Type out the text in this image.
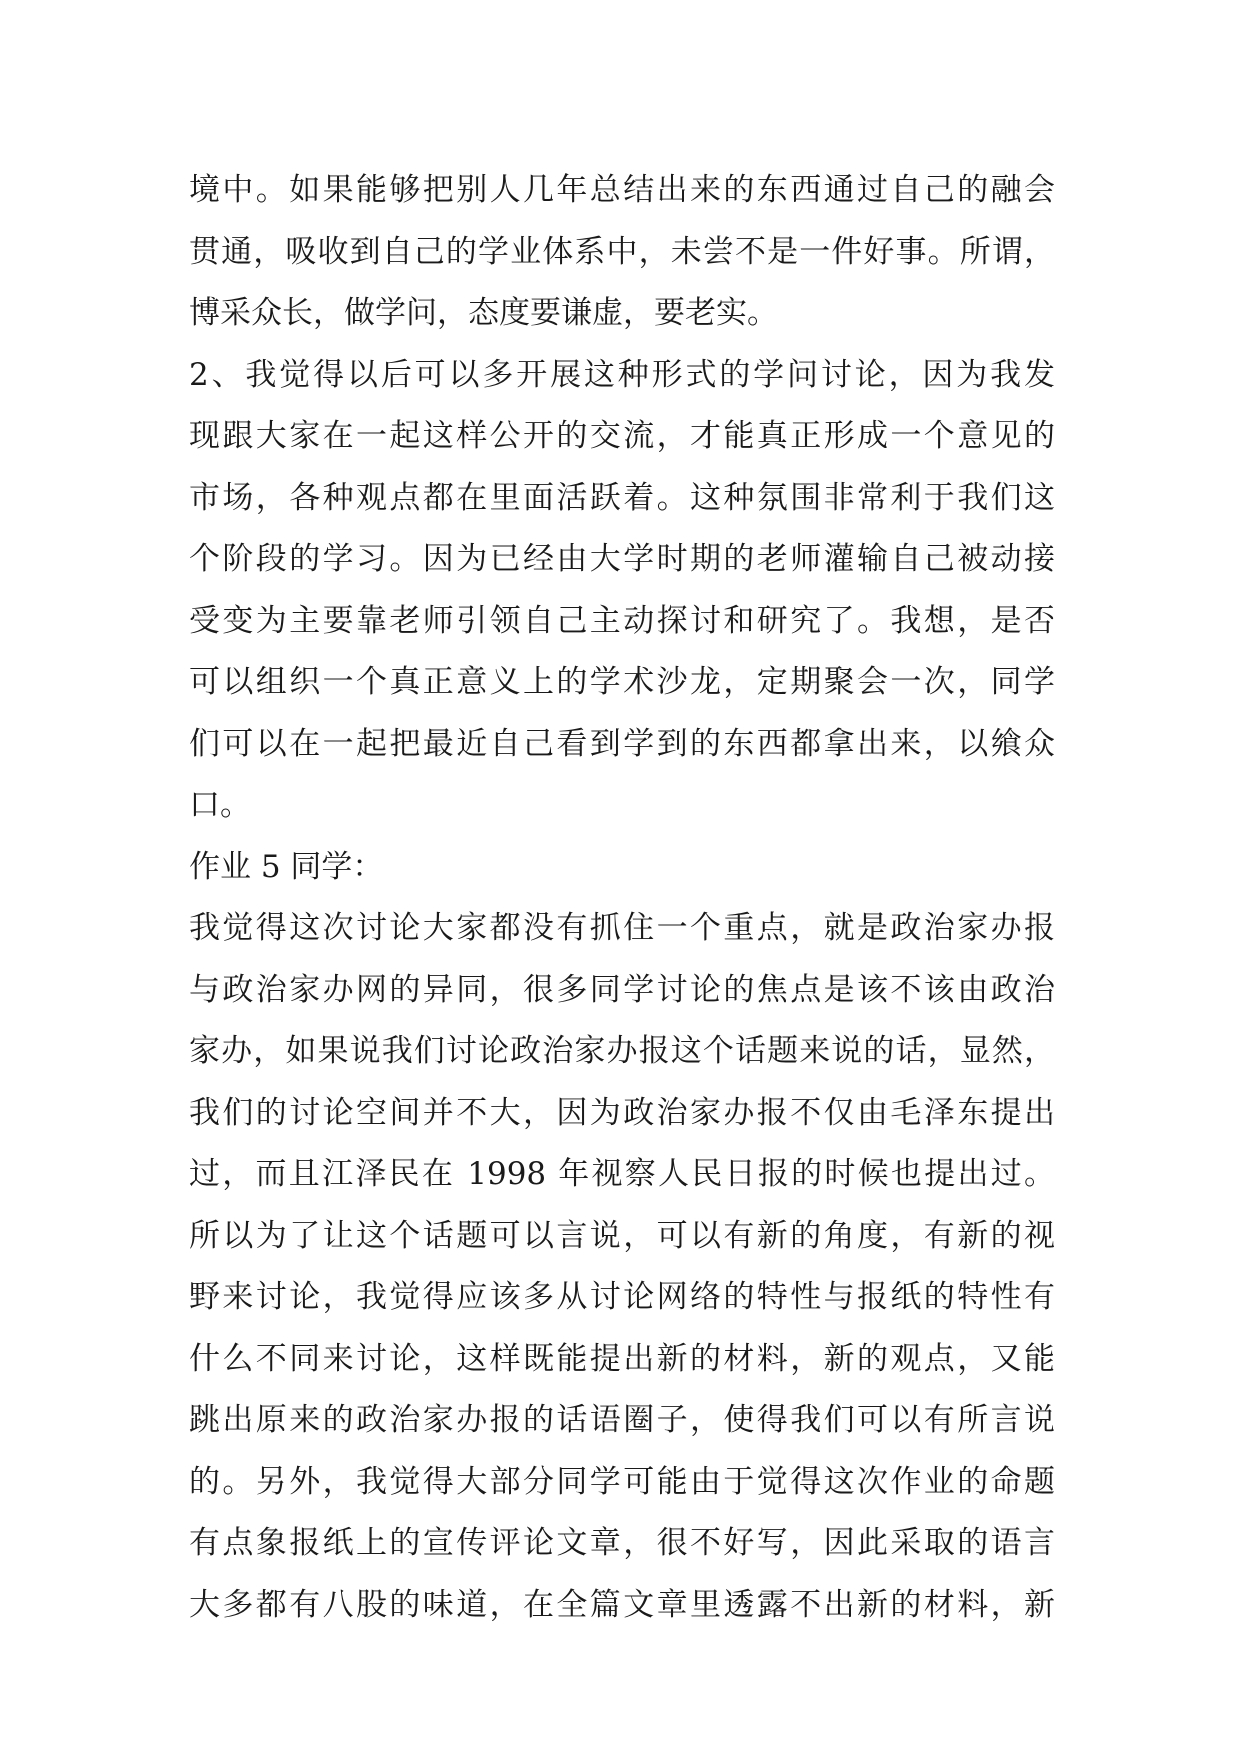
境中。如果能够把别人几年总结出来的东西通过自己的融会
贯通，吸收到自己的学业体系中，未尝不是一件好事。所谓，
博采众长，做学问，态度要谦虚，要老实。
2、我觉得以后可以多开展这种形式的学问讨论，因为我发
现跟大家在一起这样公开的交流，才能真正形成一个意见的
市场，各种观点都在里面活跃着。这种氛围非常利于我们这
个阶段的学习。因为已经由大学时期的老师灌输自己被动接
受变为主要靠老师引领自己主动探讨和研究了。我想，是否
可以组织一个真正意义上的学术沙龙，定期聚会一次，同学
们可以在一起把最近自己看到学到的东西都拿出来，以飨众
口。
作业 5 同学：
我觉得这次讨论大家都没有抓住一个重点，就是政治家办报
与政治家办网的异同，很多同学讨论的焦点是该不该由政治
家办，如果说我们讨论政治家办报这个话题来说的话，显然，
我们的讨论空间并不大，因为政治家办报不仅由毛泽东提出
过，而且江泽民在 1998 年视察人民日报的时候也提出过。
所以为了让这个话题可以言说，可以有新的角度，有新的视
野来讨论，我觉得应该多从讨论网络的特性与报纸的特性有
什么不同来讨论，这样既能提出新的材料，新的观点，又能
跳出原来的政治家办报的话语圈子，使得我们可以有所言说
的。另外，我觉得大部分同学可能由于觉得这次作业的命题
有点象报纸上的宣传评论文章，很不好写，因此采取的语言
大多都有八股的味道，在全篇文章里透露不出新的材料，新
